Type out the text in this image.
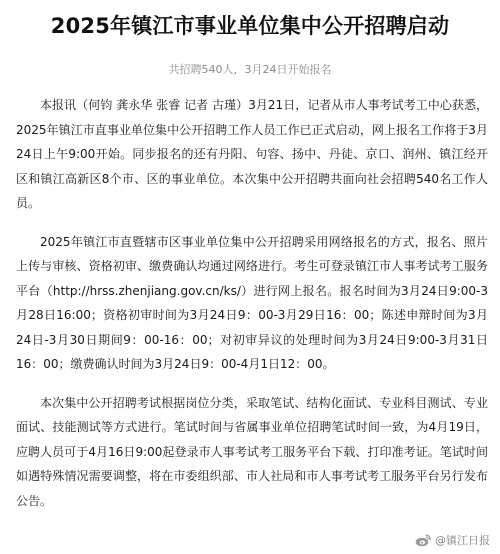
2025年镇江市事业单位集中公开招聘启动
共招聘540人，3月24日开始报名

本报讯（何钧 龚永华 张睿 记者 古瑾）3月21日，记者从市人事考试考工中心获悉，2025年镇江市直事业单位集中公开招聘工作人员工作已正式启动，网上报名工作将于3月24日上午9:00开始。同步报名的还有丹阳、句容、扬中、丹徒、京口、润州、镇江经开区和镇江高新区8个市、区的事业单位。本次集中公开招聘共面向社会招聘540名工作人员。

2025年镇江市直暨辖市区事业单位集中公开招聘采用网络报名的方式，报名、照片上传与审核、资格初审、缴费确认均通过网络进行。考生可登录镇江市人事考试考工服务平台（http://hrss.zhenjiang.gov.cn/ks/）进行网上报名。报名时间为3月24日9:00-3月28日16:00；资格初审时间为3月24日9：00-3月29日16：00；陈述申辩时间为3月24日-3月30日期间9：00-16：00；对初审异议的处理时间为3月24日9:00-3月31日16：00；缴费确认时间为3月24日9：00-4月1日12：00。

本次集中公开招聘考试根据岗位分类，采取笔试、结构化面试、专业科目测试、专业面试、技能测试等方式进行。笔试时间与省属事业单位招聘笔试时间一致，为4月19日，应聘人员可于4月16日9:00起登录市人事考试考工服务平台下载、打印准考证。笔试时间如遇特殊情况需要调整，将在市委组织部、市人社局和市人事考试考工服务平台另行发布公告。

@镇江日报
